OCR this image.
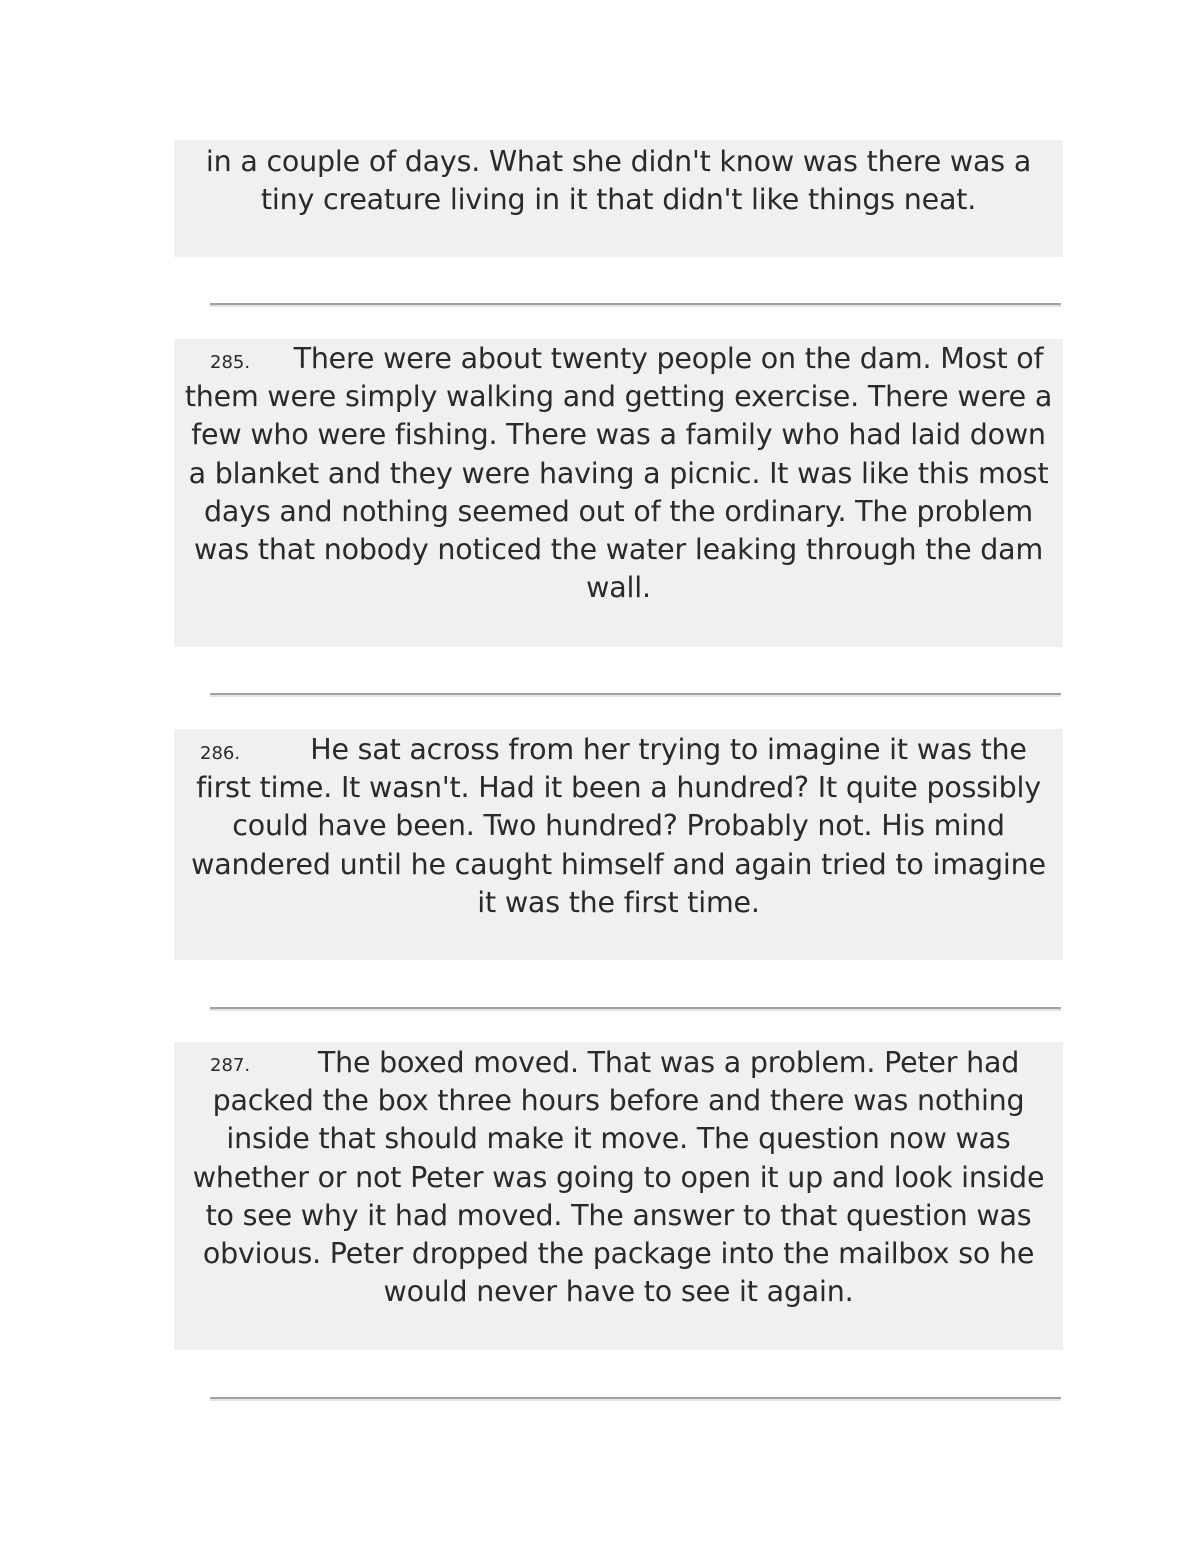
in a couple of days. What she didn't know was there was a tiny creature living in it that didn't like things neat.

285.	There were about twenty people on the dam. Most of them were simply walking and getting exercise. There were a few who were fishing. There was a family who had laid down a blanket and they were having a picnic. It was like this most days and nothing seemed out of the ordinary. The problem was that nobody noticed the water leaking through the dam wall.

286.	He sat across from her trying to imagine it was the first time. It wasn't. Had it been a hundred? It quite possibly could have been. Two hundred? Probably not. His mind wandered until he caught himself and again tried to imagine it was the first time.

287.	The boxed moved. That was a problem. Peter had packed the box three hours before and there was nothing inside that should make it move. The question now was whether or not Peter was going to open it up and look inside to see why it had moved. The answer to that question was obvious. Peter dropped the package into the mailbox so he would never have to see it again.
